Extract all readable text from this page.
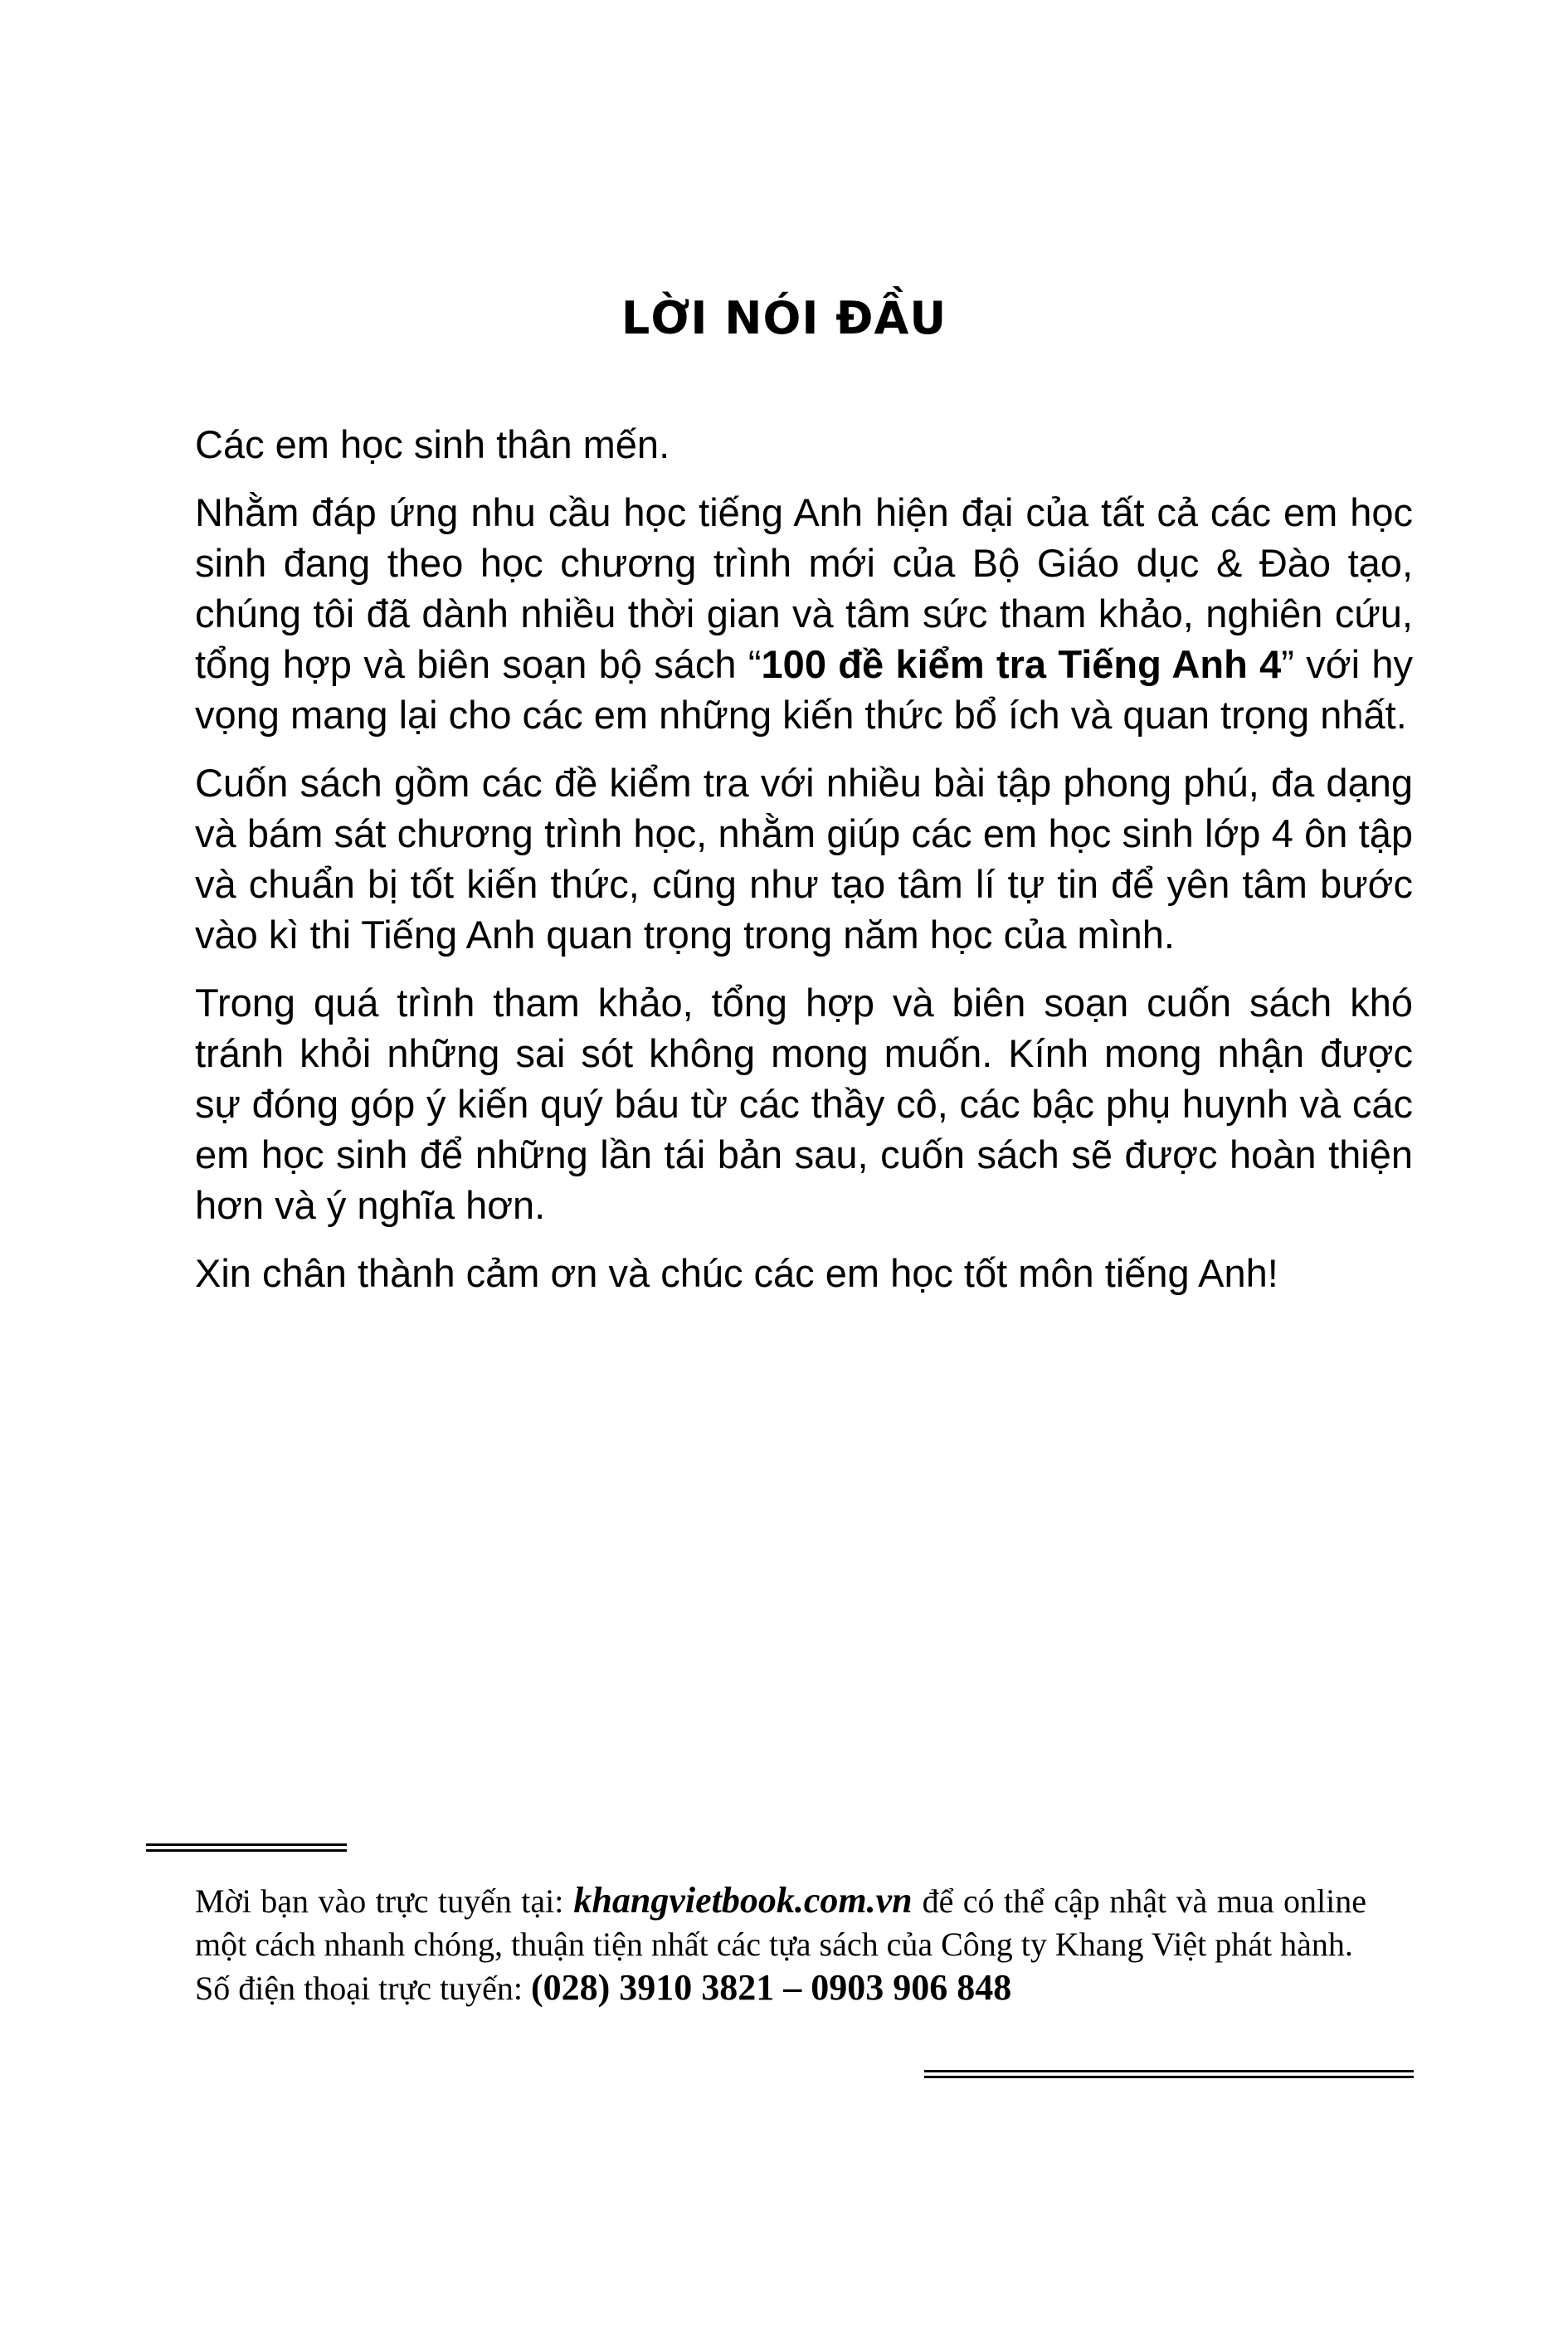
LỜI NÓI ĐẦU

Các em học sinh thân mến.

Nhằm đáp ứng nhu cầu học tiếng Anh hiện đại của tất cả các em học sinh đang theo học chương trình mới của Bộ Giáo dục & Đào tạo, chúng tôi đã dành nhiều thời gian và tâm sức tham khảo, nghiên cứu, tổng hợp và biên soạn bộ sách “100 đề kiểm tra Tiếng Anh 4” với hy vọng mang lại cho các em những kiến thức bổ ích và quan trọng nhất.

Cuốn sách gồm các đề kiểm tra với nhiều bài tập phong phú, đa dạng và bám sát chương trình học, nhằm giúp các em học sinh lớp 4 ôn tập và chuẩn bị tốt kiến thức, cũng như tạo tâm lí tự tin để yên tâm bước vào kì thi Tiếng Anh quan trọng trong năm học của mình.

Trong quá trình tham khảo, tổng hợp và biên soạn cuốn sách khó tránh khỏi những sai sót không mong muốn. Kính mong nhận được sự đóng góp ý kiến quý báu từ các thầy cô, các bậc phụ huynh và các em học sinh để những lần tái bản sau, cuốn sách sẽ được hoàn thiện hơn và ý nghĩa hơn.

Xin chân thành cảm ơn và chúc các em học tốt môn tiếng Anh!

Mời bạn vào trực tuyến tại: khangvietbook.com.vn để có thể cập nhật và mua online một cách nhanh chóng, thuận tiện nhất các tựa sách của Công ty Khang Việt phát hành.

Số điện thoại trực tuyến: (028) 3910 3821 – 0903 906 848
